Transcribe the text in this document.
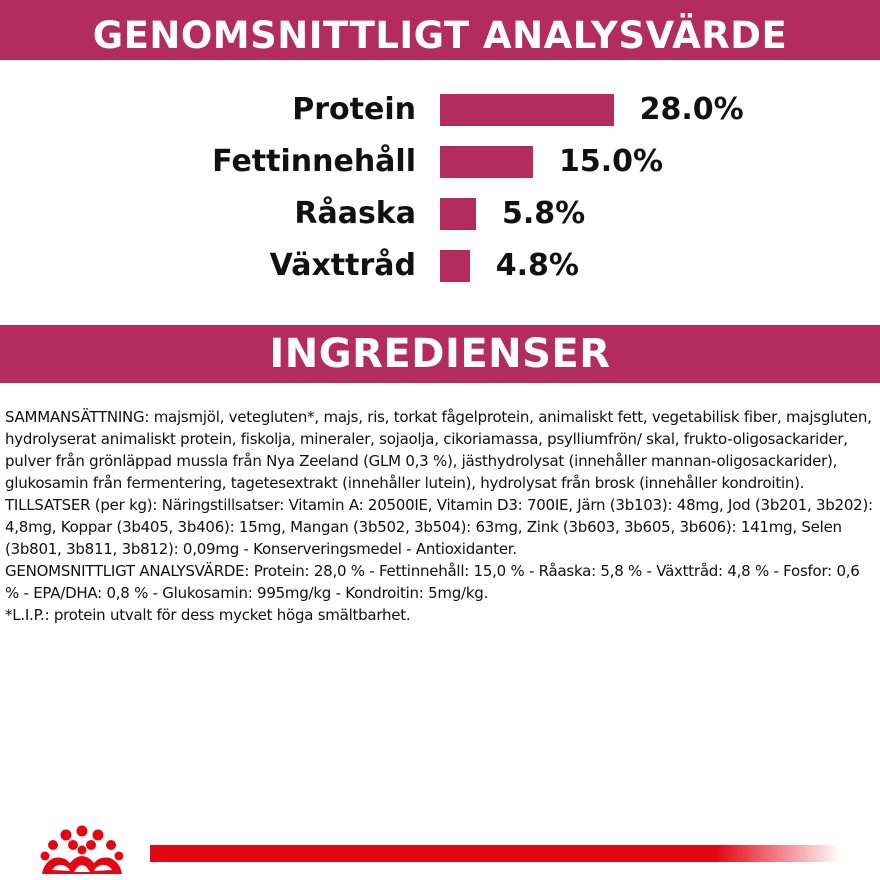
GENOMSNITTLIGT ANALYSVÄRDE
Protein	28.0%
Fettinnehåll	15.0%
Råaska	5.8%
Växttråd	4.8%
INGREDIENSER

SAMMANSÄTTNING: majsmjöl, vetegluten*, majs, ris, torkat fågelprotein, animaliskt fett, vegetabilisk fiber, majsgluten, hydrolyserat animaliskt protein, fiskolja, mineraler, sojaolja, cikoriamassa, psylliumfrön/ skal, frukto-oligosackarider, pulver från grönläppad mussla från Nya Zeeland (GLM 0,3 %), jästhydrolysat (innehåller mannan-oligosackarider), glukosamin från fermentering, tagetesextrakt (innehåller lutein), hydrolysat från brosk (innehåller kondroitin).

TILLSATSER (per kg): Näringstillsatser: Vitamin A: 20500IE, Vitamin D3: 700IE, Järn (3b103): 48mg, Jod (3b201, 3b202): 4,8mg, Koppar (3b405, 3b406): 15mg, Mangan (3b502, 3b504): 63mg, Zink (3b603, 3b605, 3b606): 141mg, Selen (3b801, 3b811, 3b812): 0,09mg - Konserveringsmedel - Antioxidanter.

GENOMSNITTLIGT ANALYSVÄRDE: Protein: 28,0 % - Fettinnehåll: 15,0 % - Råaska: 5,8 % - Växttråd: 4,8 % - Fosfor: 0,6 % - EPA/DHA: 0,8 % - Glukosamin: 995mg/kg - Kondroitin: 5mg/kg.

*L.I.P.: protein utvalt för dess mycket höga smältbarhet.
